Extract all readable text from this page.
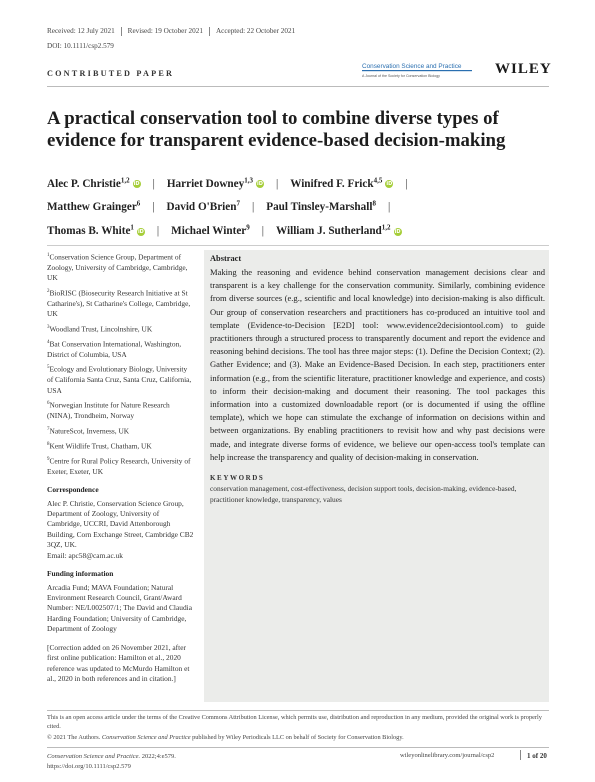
Received: 12 July 2021 Revised: 19 October 2021 Accepted: 22 October 2021
DOI: 10.1111/csp2.579
CONTRIBUTED PAPER
Conservation Science and Practice
A Journal of the Society for Conservation Biology	WILEY
A practical conservation tool to combine diverse types of evidence for transparent evidence-based decision-making
Alec P. Christie$^{1,2}$iD | Harriet Downey$^{1,3}$iD | Winifred F. Frick$^{4,5}$iD |
Matthew Grainger$^6$ | David O'Brien$^7$ | Paul Tinsley-Marshall$^8$ |
Thomas B. White$^1$iD | Michael Winter$^9$ | William J. Sutherland$^{1,2}$iD

$^1$Conservation Science Group, Department of Zoology, University of Cambridge, Cambridge, UK

$^2$BioRISC (Biosecurity Research Initiative at St Catharine's), St Catharine's College, Cambridge, UK

$^3$Woodland Trust, Lincolnshire, UK

$^4$Bat Conservation International, Washington, District of Columbia, USA

$^5$Ecology and Evolutionary Biology, University of California Santa Cruz, Santa Cruz, California, USA

$^6$Norwegian Institute for Nature Research (NINA), Trondheim, Norway

$^7$NatureScot, Inverness, UK

$^8$Kent Wildlife Trust, Chatham, UK

$^9$Centre for Rural Policy Research, University of Exeter, Exeter, UK

Correspondence

Alec P. Christie, Conservation Science Group, Department of Zoology, University of Cambridge, UCCRI, David Attenborough Building, Corn Exchange Street, Cambridge CB2 3QZ, UK.

Email: apc58@cam.ac.uk

Funding information

Arcadia Fund; MAVA Foundation; Natural Environment Research Council, Grant/Award Number: NE/L002507/1; The David and Claudia Harding Foundation; University of Cambridge, Department of Zoology

[Correction added on 26 November 2021, after first online publication: Hamilton et al., 2020 reference was updated to McMurdo Hamilton et al., 2020 in both references and in citation.]

Abstract
Making the reasoning and evidence behind conservation management decisions clear and transparent is a key challenge for the conservation community. Similarly, combining evidence from diverse sources (e.g., scientific and local knowledge) into decision-making is also difficult. Our group of conservation researchers and practitioners has co-produced an intuitive tool and template (Evidence-to-Decision [E2D] tool: www.evidence2decisiontool.com) to guide practitioners through a structured process to transparently document and report the evidence and reasoning behind decisions. The tool has three major steps: (1). Define the Decision Context; (2). Gather Evidence; and (3). Make an Evidence-Based Decision. In each step, practitioners enter information (e.g., from the scientific literature, practitioner knowledge and experience, and costs) to inform their decision-making and document their reasoning. The tool packages this information into a customized downloadable report (or is documented if using the offline template), which we hope can stimulate the exchange of information on decisions within and between organizations. By enabling practitioners to revisit how and why past decisions were made, and integrate diverse forms of evidence, we believe our open-access tool's template can help increase the transparency and quality of decision-making in conservation.
KEYWORDS
conservation management, cost-effectiveness, decision support tools, decision-making, evidence-based, practitioner knowledge, transparency, values
This is an open access article under the terms of the Creative Commons Attribution License, which permits use, distribution and reproduction in any medium, provided the original work is properly cited.
© 2021 The Authors. Conservation Science and Practice published by Wiley Periodicals LLC on behalf of Society for Conservation Biology.
Conservation Science and Practice. 2022;4:e579.
https://doi.org/10.1111/csp2.579
wileyonlinelibrary.com/journal/csp2	1 of 20
